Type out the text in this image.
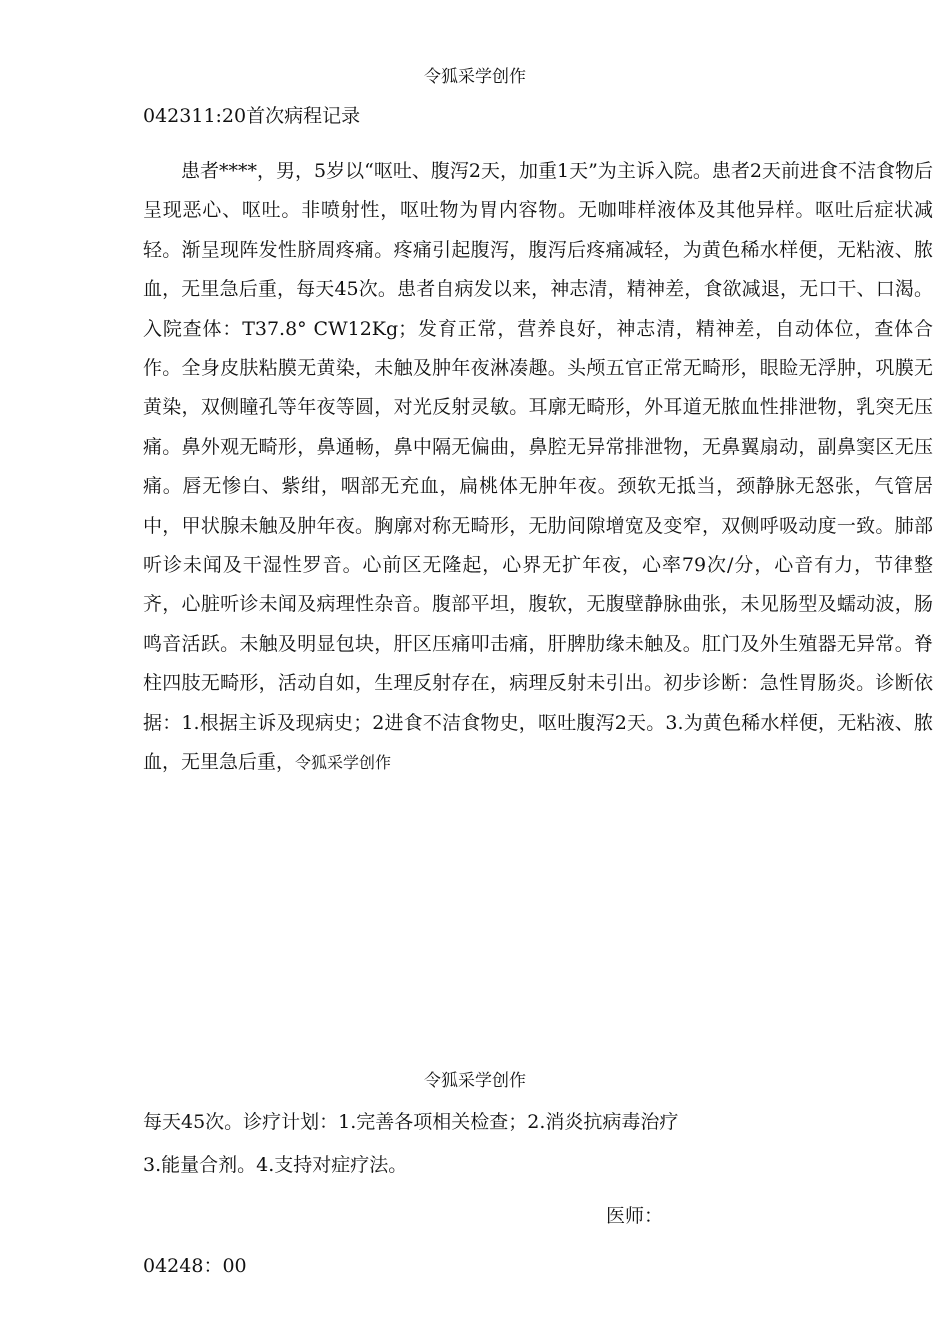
令狐采学创作
042311:20首次病程记录

患者****，男，5岁以“呕吐、腹泻2天，加重1天”为主诉入院。患者2天前进食不洁食物后呈现恶心、呕吐。非喷射性，呕吐物为胃内容物。无咖啡样液体及其他异样。呕吐后症状减轻。渐呈现阵发性脐周疼痛。疼痛引起腹泻，腹泻后疼痛减轻，为黄色稀水样便，无粘液、脓血，无里急后重，每天45次。患者自病发以来，神志清，精神差，食欲减退，无口干、口渴。入院查体：T37.8° CW12Kg；发育正常，营养良好，神志清，精神差，自动体位，查体合作。全身皮肤粘膜无黄染，未触及肿年夜淋凑趣。头颅五官正常无畸形，眼睑无浮肿，巩膜无黄染，双侧瞳孔等年夜等圆，对光反射灵敏。耳廓无畸形，外耳道无脓血性排泄物，乳突无压痛。鼻外观无畸形，鼻通畅，鼻中隔无偏曲，鼻腔无异常排泄物，无鼻翼扇动，副鼻窦区无压痛。唇无惨白、紫绀，咽部无充血，扁桃体无肿年夜。颈软无抵当，颈静脉无怒张，气管居中，甲状腺未触及肿年夜。胸廓对称无畸形，无肋间隙增宽及变窄，双侧呼吸动度一致。肺部听诊未闻及干湿性罗音。心前区无隆起，心界无扩年夜，心率79次/分，心音有力，节律整齐，心脏听诊未闻及病理性杂音。腹部平坦，腹软，无腹壁静脉曲张，未见肠型及蠕动波，肠鸣音活跃。未触及明显包块，肝区压痛叩击痛，肝脾肋缘未触及。肛门及外生殖器无异常。脊柱四肢无畸形，活动自如，生理反射存在，病理反射未引出。初步诊断：急性胃肠炎。诊断依据：1.根据主诉及现病史；2进食不洁食物史，呕吐腹泻2天。3.为黄色稀水样便，无粘液、脓血，无里急后重，令狐采学创作

令狐采学创作

每天45次。诊疗计划：1.完善各项相关检查；2.消炎抗病毒治疗

3.能量合剂。4.支持对症疗法。

医师：
04248：00
